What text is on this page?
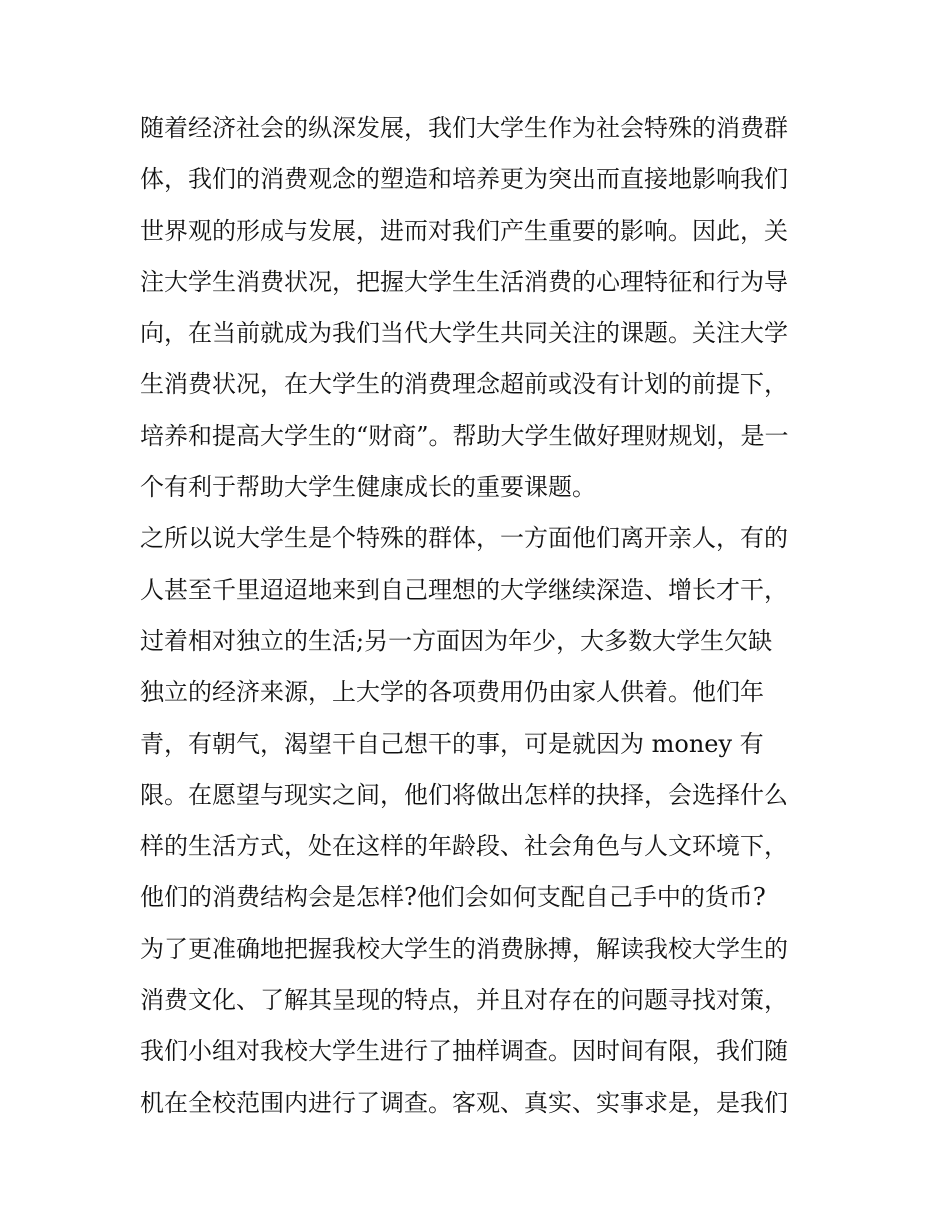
随着经济社会的纵深发展，我们大学生作为社会特殊的消费群
体，我们的消费观念的塑造和培养更为突出而直接地影响我们
世界观的形成与发展，进而对我们产生重要的影响。因此，关
注大学生消费状况，把握大学生生活消费的心理特征和行为导
向，在当前就成为我们当代大学生共同关注的课题。关注大学
生消费状况，在大学生的消费理念超前或没有计划的前提下，
培养和提高大学生的“财商”。帮助大学生做好理财规划，是一
个有利于帮助大学生健康成长的重要课题。
之所以说大学生是个特殊的群体，一方面他们离开亲人，有的
人甚至千里迢迢地来到自己理想的大学继续深造、增长才干，
过着相对独立的生活;另一方面因为年少，大多数大学生欠缺
独立的经济来源，上大学的各项费用仍由家人供着。他们年
青，有朝气，渴望干自己想干的事，可是就因为 money 有
限。在愿望与现实之间，他们将做出怎样的抉择，会选择什么
样的生活方式，处在这样的年龄段、社会角色与人文环境下，
他们的消费结构会是怎样?他们会如何支配自己手中的货币?
为了更准确地把握我校大学生的消费脉搏，解读我校大学生的
消费文化、了解其呈现的特点，并且对存在的问题寻找对策，
我们小组对我校大学生进行了抽样调查。因时间有限，我们随
机在全校范围内进行了调查。客观、真实、实事求是，是我们
